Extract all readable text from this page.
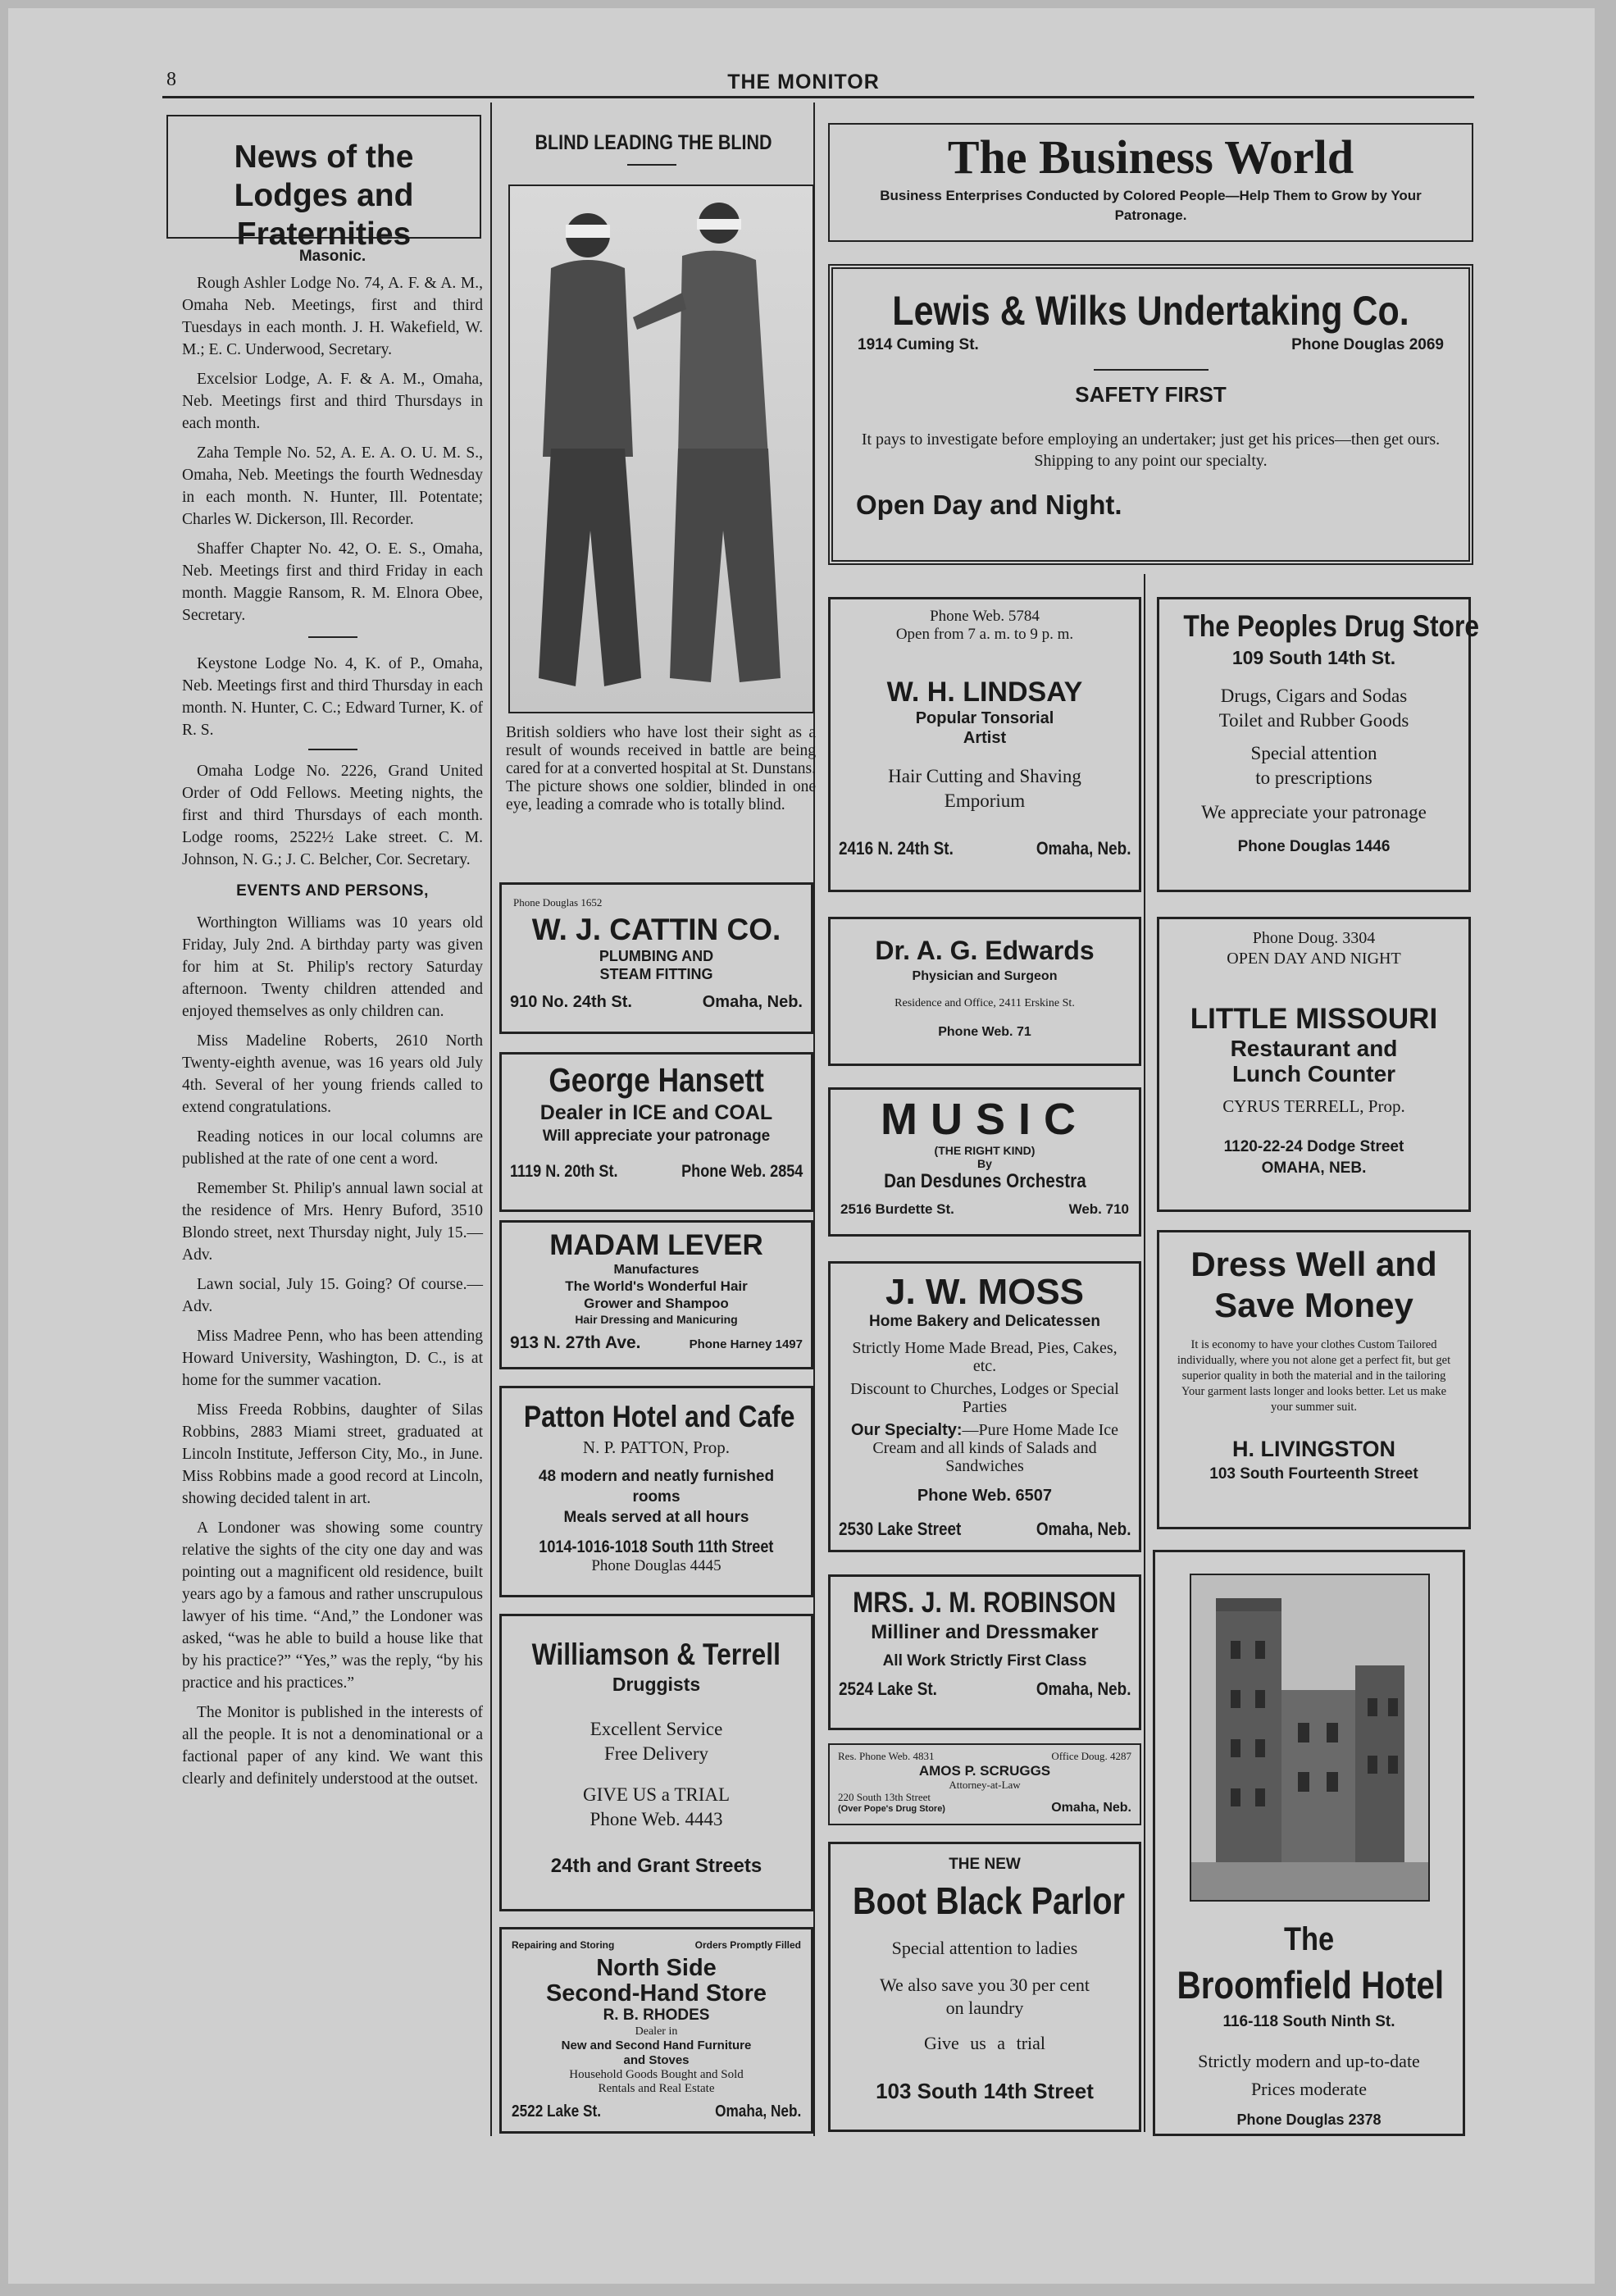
8	THE MONITOR
News of the Lodges and Fraternities
Masonic.

Rough Ashler Lodge No. 74, A. F. & A. M., Omaha Neb. Meetings, first and third Tuesdays in each month. J. H. Wakefield, W. M.; E. C. Underwood, Secretary.

Excelsior Lodge, A. F. & A. M., Omaha, Neb. Meetings first and third Thursdays in each month.

Zaha Temple No. 52, A. E. A. O. U. M. S., Omaha, Neb. Meetings the fourth Wednesday in each month. N. Hunter, Ill. Potentate; Charles W. Dickerson, Ill. Recorder.

Shaffer Chapter No. 42, O. E. S., Omaha, Neb. Meetings first and third Friday in each month. Maggie Ransom, R. M. Elnora Obee, Secretary.

Keystone Lodge No. 4, K. of P., Omaha, Neb. Meetings first and third Thursday in each month. N. Hunter, C. C.; Edward Turner, K. of R. S.

Omaha Lodge No. 2226, Grand United Order of Odd Fellows. Meeting nights, the first and third Thursdays of each month. Lodge rooms, 2522½ Lake street. C. M. Johnson, N. G.; J. C. Belcher, Cor. Secretary.

EVENTS AND PERSONS,

Worthington Williams was 10 years old Friday, July 2nd. A birthday party was given for him at St. Philip's rectory Saturday afternoon. Twenty children attended and enjoyed themselves as only children can.

Miss Madeline Roberts, 2610 North Twenty-eighth avenue, was 16 years old July 4th. Several of her young friends called to extend congratulations.

Reading notices in our local columns are published at the rate of one cent a word.

Remember St. Philip's annual lawn social at the residence of Mrs. Henry Buford, 3510 Blondo street, next Thursday night, July 15.—Adv.

Lawn social, July 15. Going? Of course.—Adv.

Miss Madree Penn, who has been attending Howard University, Washington, D. C., is at home for the summer vacation.

Miss Freeda Robbins, daughter of Silas Robbins, 2883 Miami street, graduated at Lincoln Institute, Jefferson City, Mo., in June. Miss Robbins made a good record at Lincoln, showing decided talent in art.

A Londoner was showing some country relative the sights of the city one day and was pointing out a magnificent old residence, built years ago by a famous and rather unscrupulous lawyer of his time. “And,” the Londoner was asked, “was he able to build a house like that by his practice?” “Yes,” was the reply, “by his practice and his practices.”

The Monitor is published in the interests of all the people. It is not a denominational or a factional paper of any kind. We want this clearly and definitely understood at the outset.

BLIND LEADING THE BLIND
British soldiers who have lost their sight as a result of wounds received in battle are being cared for at a converted hospital at St. Dunstans. The picture shows one soldier, blinded in one eye, leading a comrade who is totally blind.
Phone Douglas 1652
W. J. CATTIN CO.
PLUMBING AND
STEAM FITTING
910 No. 24th St.	Omaha, Neb.
George Hansett
Dealer in ICE and COAL
Will appreciate your patronage
1119 N. 20th St.	Phone Web. 2854
MADAM LEVER
Manufactures
The World's Wonderful Hair
Grower and Shampoo
Hair Dressing and Manicuring
913 N. 27th Ave.	Phone Harney 1497
Patton Hotel and Cafe
N. P. PATTON, Prop.
48 modern and neatly furnished
rooms
Meals served at all hours
1014-1016-1018 South 11th Street
Phone Douglas 4445
Williamson & Terrell
Druggists
Excellent Service
Free Delivery
GIVE US a TRIAL
Phone Web. 4443
24th and Grant Streets
Repairing and Storing	Orders Promptly Filled
North Side
Second-Hand Store
R. B. RHODES
Dealer in
New and Second Hand Furniture
and Stoves
Household Goods Bought and Sold
Rentals and Real Estate
2522 Lake St.	Omaha, Neb.
The Business World
Business Enterprises Conducted by Colored People—Help Them to Grow by Your Patronage.
Lewis & Wilks Undertaking Co.
1914 Cuming St.	Phone Douglas 2069
SAFETY FIRST
It pays to investigate before employing an undertaker; just get his prices—then get ours. Shipping to any point our specialty.
Open Day and Night.
Phone Web. 5784
Open from 7 a. m. to 9 p. m.
W. H. LINDSAY
Popular Tonsorial
Artist
Hair Cutting and Shaving
Emporium
2416 N. 24th St.	Omaha, Neb.
The Peoples Drug Store
109 South 14th St.
Drugs, Cigars and Sodas
Toilet and Rubber Goods
Special attention
to prescriptions
We appreciate your patronage
Phone Douglas 1446
Dr. A. G. Edwards
Physician and Surgeon
Residence and Office, 2411 Erskine St.
Phone Web. 71
Phone Doug. 3304
OPEN DAY AND NIGHT
LITTLE MISSOURI
Restaurant and
Lunch Counter
CYRUS TERRELL, Prop.
1120-22-24 Dodge Street
OMAHA, NEB.
MUSIC
(THE RIGHT KIND)
By
Dan Desdunes Orchestra
2516 Burdette St.	Web. 710
J. W. MOSS
Home Bakery and Delicatessen
Strictly Home Made Bread, Pies, Cakes, etc.
Discount to Churches, Lodges or Special Parties
Our Specialty:—Pure Home Made Ice Cream and all kinds of Salads and Sandwiches
Phone Web. 6507
2530 Lake Street	Omaha, Neb.
Dress Well and
Save Money
It is economy to have your clothes Custom Tailored individually, where you not alone get a perfect fit, but get superior quality in both the material and in the tailoring Your garment lasts longer and looks better. Let us make your summer suit.
H. LIVINGSTON
103 South Fourteenth Street
MRS. J. M. ROBINSON
Milliner and Dressmaker
All Work Strictly First Class
2524 Lake St.	Omaha, Neb.
Res. Phone Web. 4831	Office Doug. 4287
AMOS P. SCRUGGS
Attorney-at-Law
220 South 13th Street
(Over Pope's Drug Store)	Omaha, Neb.
THE NEW
Boot Black Parlor
Special attention to ladies
We also save you 30 per cent
on laundry
Give us a trial
103 South 14th Street
The
Broomfield Hotel
116-118 South Ninth St.
Strictly modern and up-to-date
Prices moderate
Phone Douglas 2378
